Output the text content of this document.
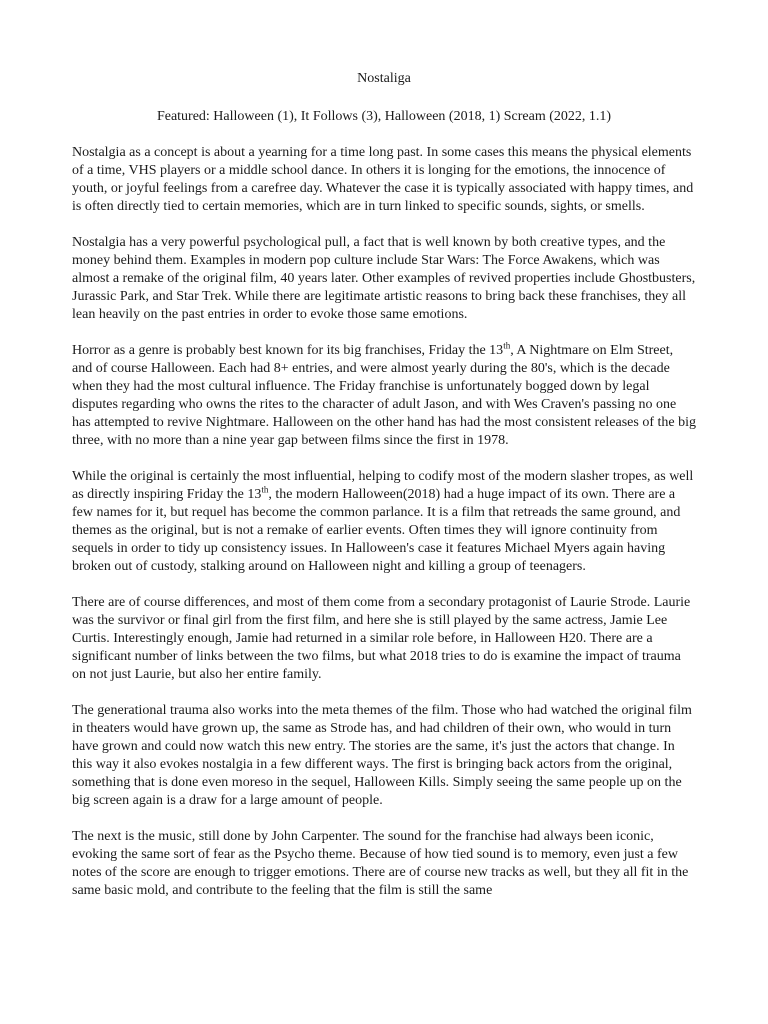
Nostaliga

Featured: Halloween (1), It Follows (3), Halloween (2018, 1) Scream (2022, 1.1)

Nostalgia as a concept is about a yearning for a time long past. In some cases this means the physical elements of a time, VHS players or a middle school dance. In others it is longing for the emotions, the innocence of youth, or joyful feelings from a carefree day. Whatever the case it is typically associated with happy times, and is often directly tied to certain memories, which are in turn linked to specific sounds, sights, or smells.

Nostalgia has a very powerful psychological pull, a fact that is well known by both creative types, and the money behind them. Examples in modern pop culture include Star Wars: The Force Awakens, which was almost a remake of the original film, 40 years later. Other examples of revived properties include Ghostbusters, Jurassic Park, and Star Trek. While there are legitimate artistic reasons to bring back these franchises, they all lean heavily on the past entries in order to evoke those same emotions.

Horror as a genre is probably best known for its big franchises, Friday the 13th, A Nightmare on Elm Street, and of course Halloween. Each had 8+ entries, and were almost yearly during the 80's, which is the decade when they had the most cultural influence. The Friday franchise is unfortunately bogged down by legal disputes regarding who owns the rites to the character of adult Jason, and with Wes Craven's passing no one has attempted to revive Nightmare. Halloween on the other hand has had the most consistent releases of the big three, with no more than a nine year gap between films since the first in 1978.

While the original is certainly the most influential, helping to codify most of the modern slasher tropes, as well as directly inspiring Friday the 13th, the modern Halloween(2018) had a huge impact of its own. There are a few names for it, but requel has become the common parlance. It is a film that retreads the same ground, and themes as the original, but is not a remake of earlier events. Often times they will ignore continuity from sequels in order to tidy up consistency issues. In Halloween's case it features Michael Myers again having broken out of custody, stalking around on Halloween night and killing a group of teenagers.

There are of course differences, and most of them come from a secondary protagonist of Laurie Strode. Laurie was the survivor or final girl from the first film, and here she is still played by the same actress, Jamie Lee Curtis. Interestingly enough, Jamie had returned in a similar role before, in Halloween H20. There are a significant number of links between the two films, but what 2018 tries to do is examine the impact of trauma on not just Laurie, but also her entire family.

The generational trauma also works into the meta themes of the film. Those who had watched the original film in theaters would have grown up, the same as Strode has, and had children of their own, who would in turn have grown and could now watch this new entry. The stories are the same, it's just the actors that change. In this way it also evokes nostalgia in a few different ways. The first is bringing back actors from the original, something that is done even moreso in the sequel, Halloween Kills. Simply seeing the same people up on the big screen again is a draw for a large amount of people.

The next is the music, still done by John Carpenter. The sound for the franchise had always been iconic, evoking the same sort of fear as the Psycho theme. Because of how tied sound is to memory, even just a few notes of the score are enough to trigger emotions. There are of course new tracks as well, but they all fit in the same basic mold, and contribute to the feeling that the film is still the same
